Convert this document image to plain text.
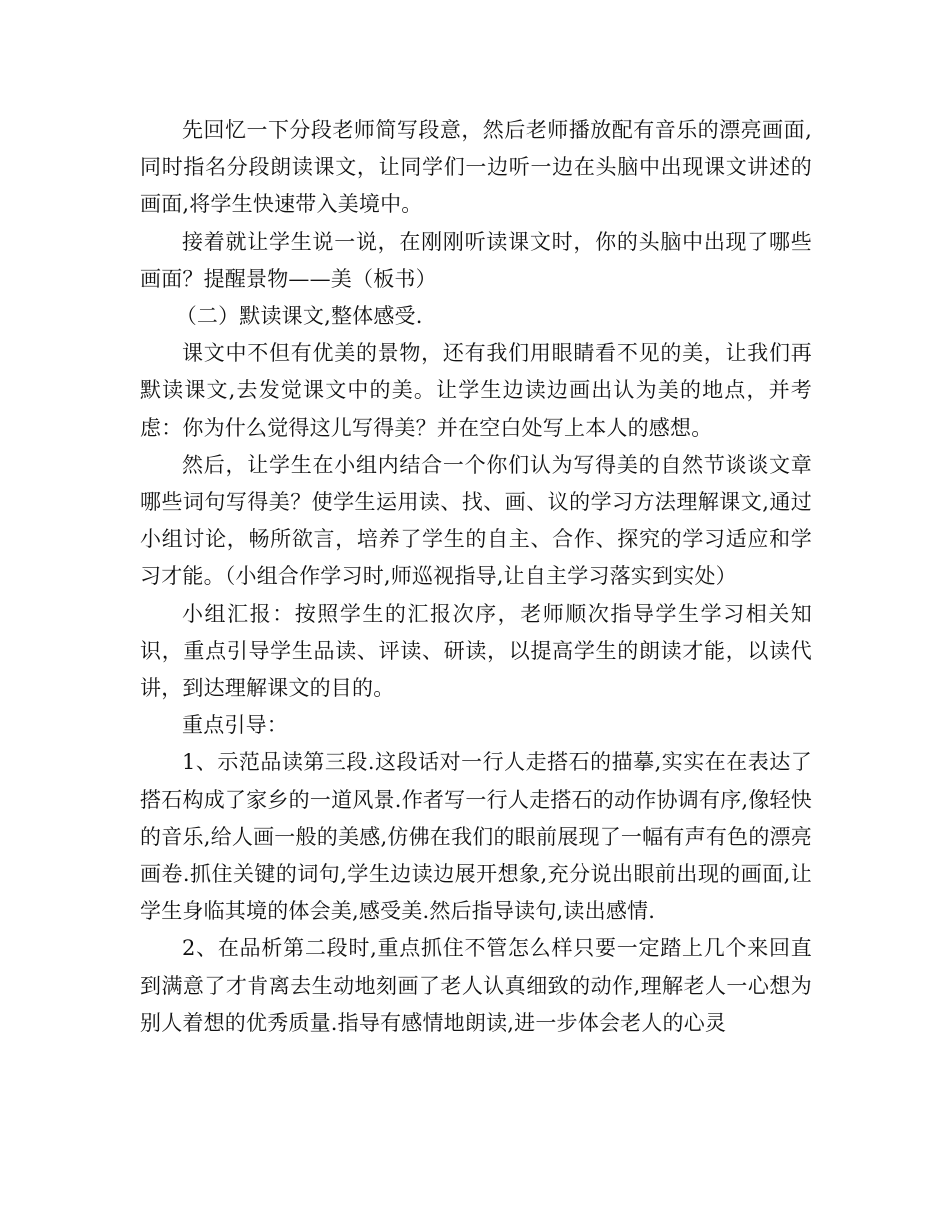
先回忆一下分段老师简写段意，然后老师播放配有音乐的漂亮画面,同时指名分段朗读课文，让同学们一边听一边在头脑中出现课文讲述的画面,将学生快速带入美境中。

接着就让学生说一说，在刚刚听读课文时，你的头脑中出现了哪些画面？提醒景物——美（板书）

（二）默读课文,整体感受.

课文中不但有优美的景物，还有我们用眼睛看不见的美，让我们再默读课文,去发觉课文中的美。让学生边读边画出认为美的地点，并考虑：你为什么觉得这儿写得美？并在空白处写上本人的感想。

然后，让学生在小组内结合一个你们认为写得美的自然节谈谈文章哪些词句写得美？使学生运用读、找、画、议的学习方法理解课文,通过小组讨论，畅所欲言，培养了学生的自主、合作、探究的学习适应和学习才能。（小组合作学习时,师巡视指导,让自主学习落实到实处）

小组汇报：按照学生的汇报次序，老师顺次指导学生学习相关知识，重点引导学生品读、评读、研读，以提高学生的朗读才能，以读代讲，到达理解课文的目的。

重点引导：

1、示范品读第三段.这段话对一行人走搭石的描摹,实实在在表达了搭石构成了家乡的一道风景.作者写一行人走搭石的动作协调有序,像轻快的音乐,给人画一般的美感,仿佛在我们的眼前展现了一幅有声有色的漂亮画卷.抓住关键的词句,学生边读边展开想象,充分说出眼前出现的画面,让学生身临其境的体会美,感受美.然后指导读句,读出感情.

2、在品析第二段时,重点抓住不管怎么样只要一定踏上几个来回直到满意了才肯离去生动地刻画了老人认真细致的动作,理解老人一心想为别人着想的优秀质量.指导有感情地朗读,进一步体会老人的心灵
